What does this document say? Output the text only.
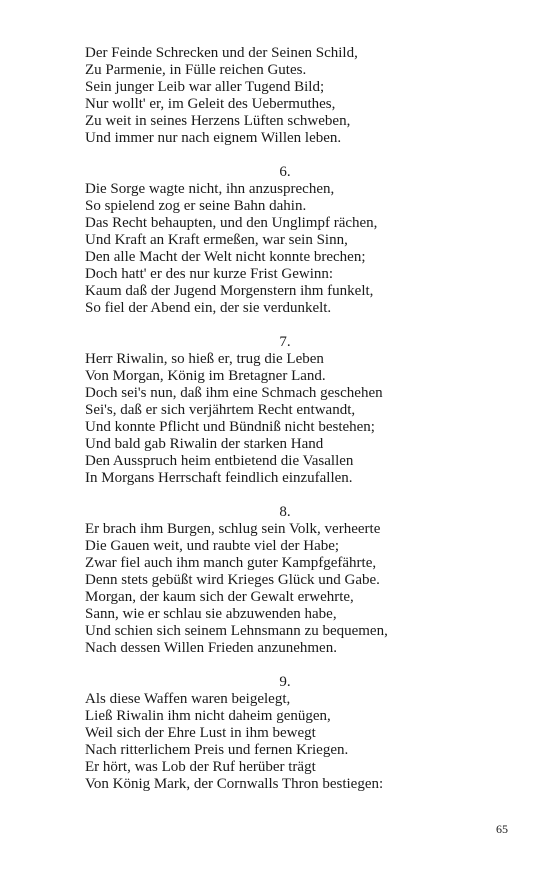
Der Feinde Schrecken und der Seinen Schild,
Zu Parmenie, in Fülle reichen Gutes.
Sein junger Leib war aller Tugend Bild;
Nur wollt' er, im Geleit des Uebermuthes,
Zu weit in seines Herzens Lüften schweben,
Und immer nur nach eignem Willen leben.
6.
Die Sorge wagte nicht, ihn anzusprechen,
So spielend zog er seine Bahn dahin.
Das Recht behaupten, und den Unglimpf rächen,
Und Kraft an Kraft ermeßen, war sein Sinn,
Den alle Macht der Welt nicht konnte brechen;
Doch hatt' er des nur kurze Frist Gewinn:
Kaum daß der Jugend Morgenstern ihm funkelt,
So fiel der Abend ein, der sie verdunkelt.
7.
Herr Riwalin, so hieß er, trug die Leben
Von Morgan, König im Bretagner Land.
Doch sei's nun, daß ihm eine Schmach geschehen
Sei's, daß er sich verjährtem Recht entwandt,
Und konnte Pflicht und Bündniß nicht bestehen;
Und bald gab Riwalin der starken Hand
Den Ausspruch heim entbietend die Vasallen
In Morgans Herrschaft feindlich einzufallen.
8.
Er brach ihm Burgen, schlug sein Volk, verheerte
Die Gauen weit, und raubte viel der Habe;
Zwar fiel auch ihm manch guter Kampfgefährte,
Denn stets gebüßt wird Krieges Glück und Gabe.
Morgan, der kaum sich der Gewalt erwehrte,
Sann, wie er schlau sie abzuwenden habe,
Und schien sich seinem Lehnsmann zu bequemen,
Nach dessen Willen Frieden anzunehmen.
9.
Als diese Waffen waren beigelegt,
Ließ Riwalin ihm nicht daheim genügen,
Weil sich der Ehre Lust in ihm bewegt
Nach ritterlichem Preis und fernen Kriegen.
Er hört, was Lob der Ruf herüber trägt
Von König Mark, der Cornwalls Thron bestiegen:
65
